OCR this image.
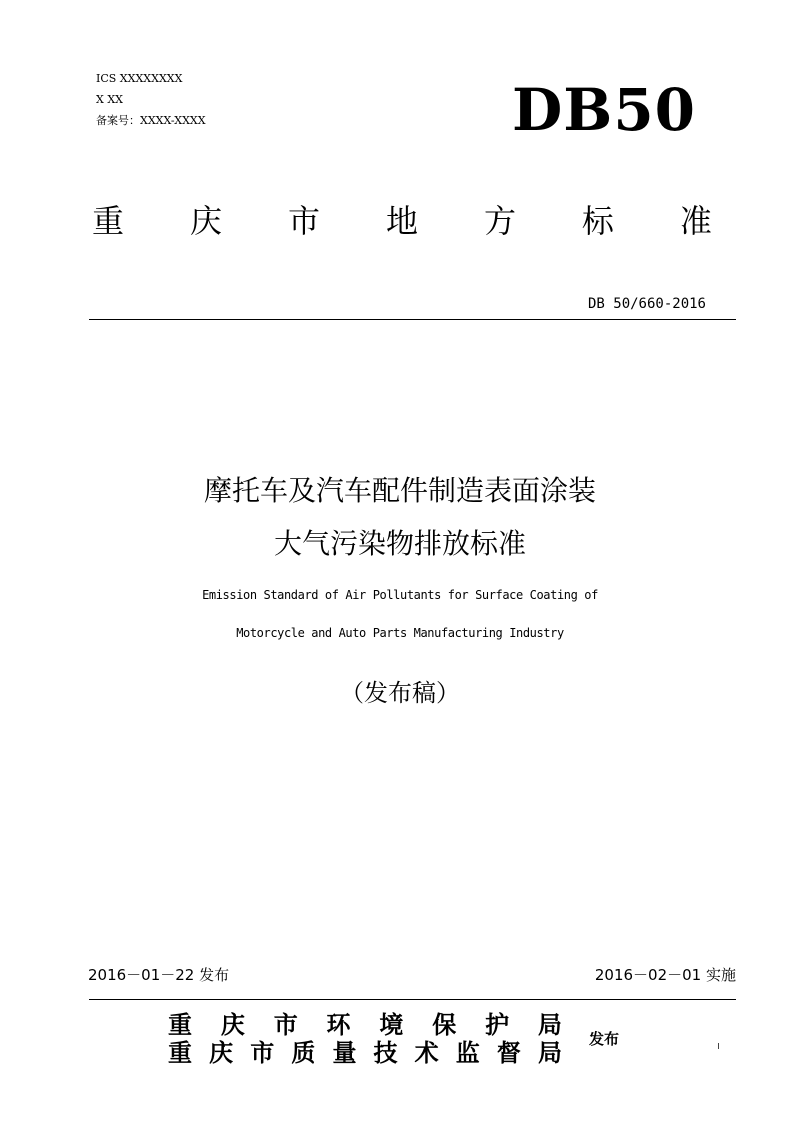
ICS XXXXXXXX
X XX
备案号：XXXX-XXXX	DB50
重 庆 市 地 方 标 准
DB 50/660-2016
摩托车及汽车配件制造表面涂装
大气污染物排放标准
Emission Standard of Air Pollutants for Surface Coating of
Motorcycle and Auto Parts Manufacturing Industry
（发布稿）
2016－01－22 发布	2016－02－01 实施
重 庆 市 环 境 保 护 局
重 庆 市 质 量 技 术 监 督 局 发布
